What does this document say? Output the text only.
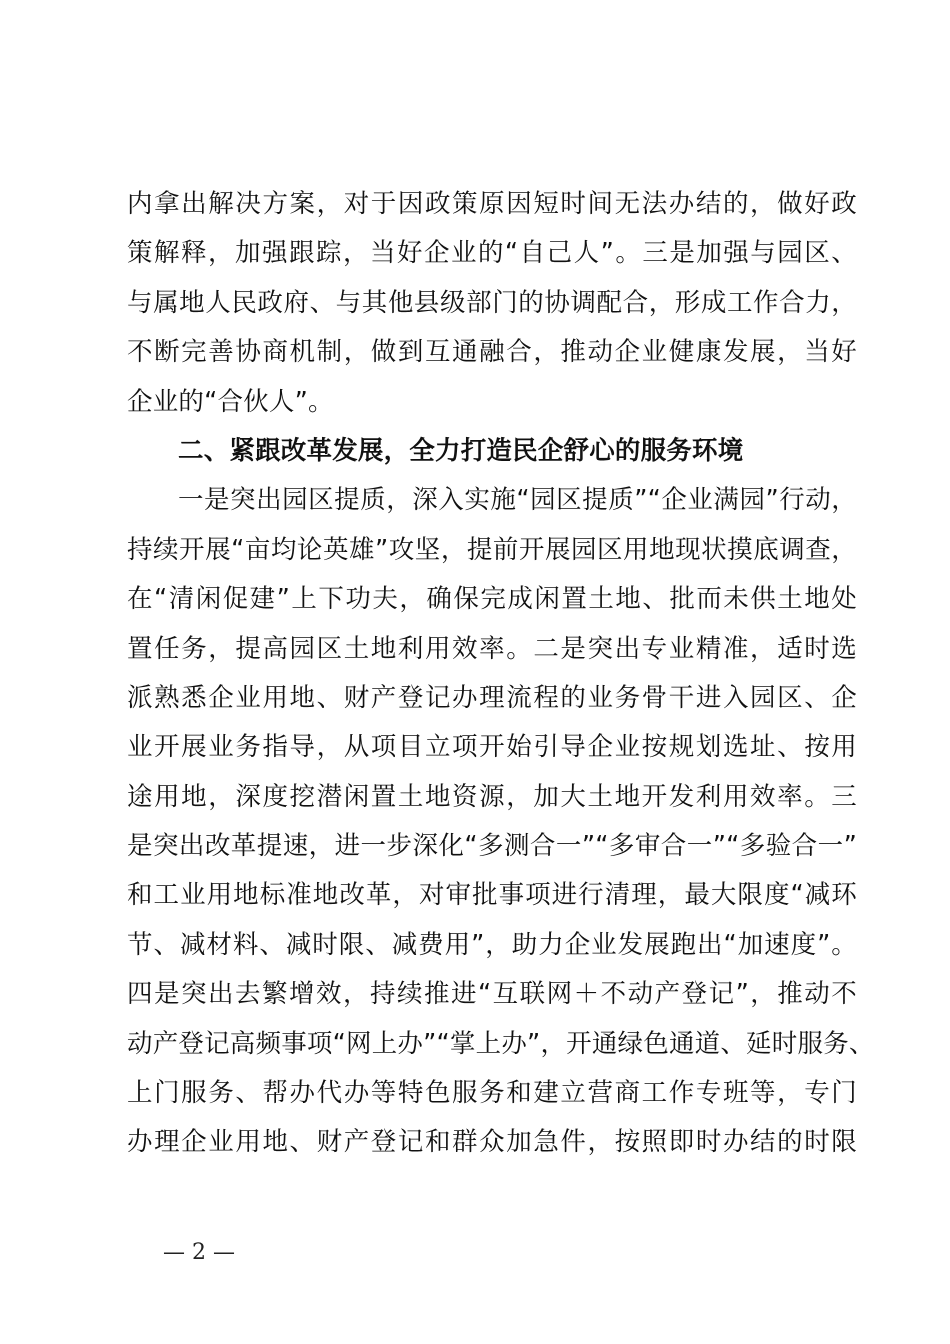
内拿出解决方案，对于因政策原因短时间无法办结的，做好政
策解释，加强跟踪，当好企业的“自己人”。三是加强与园区、
与属地人民政府、与其他县级部门的协调配合，形成工作合力，
不断完善协商机制，做到互通融合，推动企业健康发展，当好
企业的“合伙人”。
二、紧跟改革发展，全力打造民企舒心的服务环境
一是突出园区提质，深入实施“园区提质”“企业满园”行动，
持续开展“亩均论英雄”攻坚，提前开展园区用地现状摸底调查，
在“清闲促建”上下功夫，确保完成闲置土地、批而未供土地处
置任务，提高园区土地利用效率。二是突出专业精准，适时选
派熟悉企业用地、财产登记办理流程的业务骨干进入园区、企
业开展业务指导，从项目立项开始引导企业按规划选址、按用
途用地，深度挖潜闲置土地资源，加大土地开发利用效率。三
是突出改革提速，进一步深化“多测合一”“多审合一”“多验合一”
和工业用地标准地改革，对审批事项进行清理，最大限度“减环
节、减材料、减时限、减费用”，助力企业发展跑出“加速度”。
四是突出去繁增效，持续推进“互联网＋不动产登记”，推动不
动产登记高频事项“网上办”“掌上办”，开通绿色通道、延时服务、
上门服务、帮办代办等特色服务和建立营商工作专班等，专门
办理企业用地、财产登记和群众加急件，按照即时办结的时限
— 2 —
